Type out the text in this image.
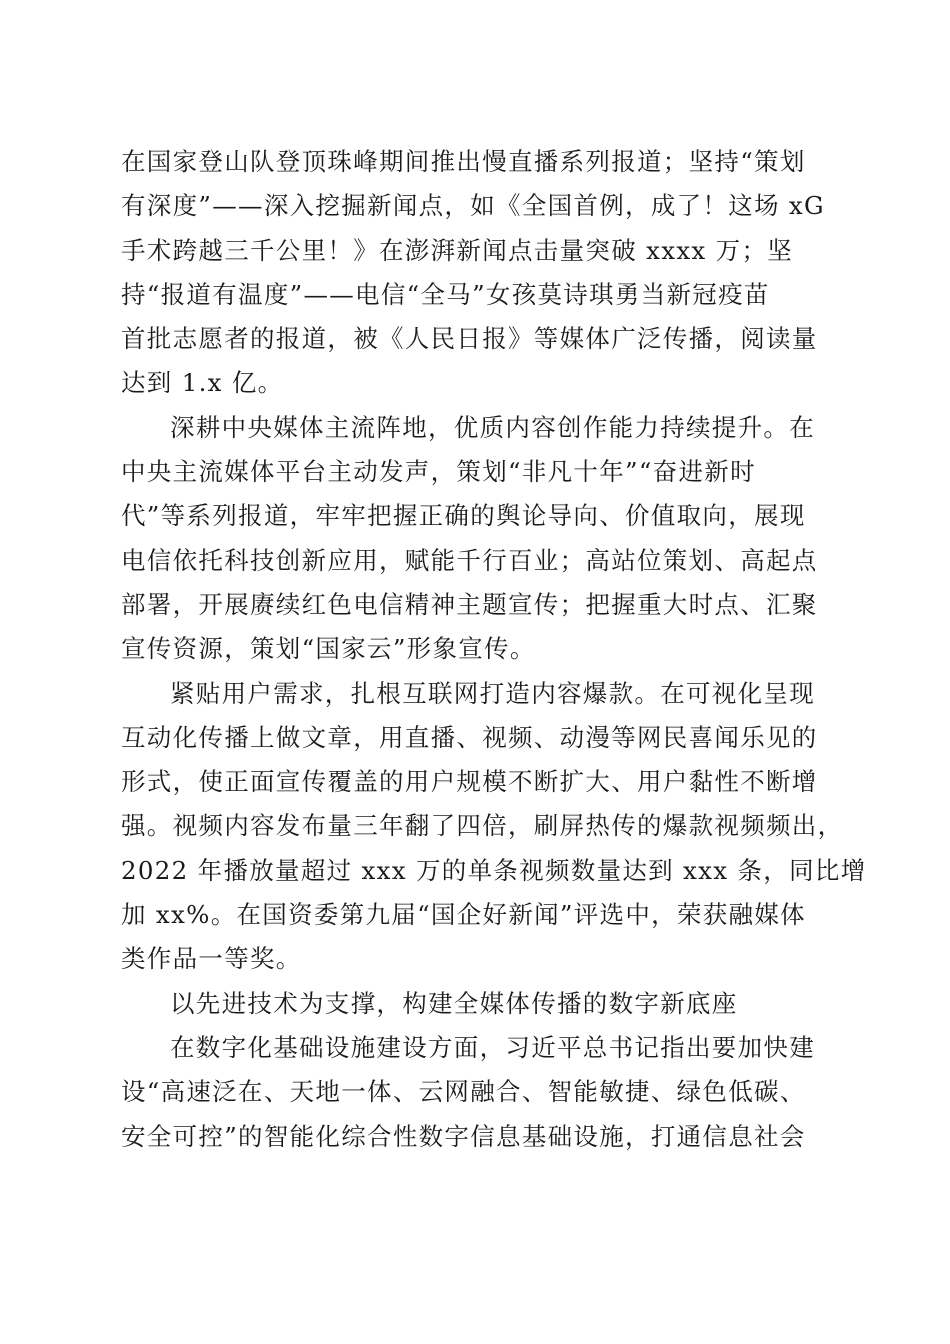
在国家登山队登顶珠峰期间推出慢直播系列报道；坚持“策划
有深度”——深入挖掘新闻点，如《全国首例，成了！这场 xG
手术跨越三千公里！》在澎湃新闻点击量突破 xxxx 万；坚
持“报道有温度”——电信“全马”女孩莫诗琪勇当新冠疫苗
首批志愿者的报道，被《人民日报》等媒体广泛传播，阅读量
达到 1.x 亿。

深耕中央媒体主流阵地，优质内容创作能力持续提升。在
中央主流媒体平台主动发声，策划“非凡十年”“奋进新时
代”等系列报道，牢牢把握正确的舆论导向、价值取向，展现
电信依托科技创新应用，赋能千行百业；高站位策划、高起点
部署，开展赓续红色电信精神主题宣传；把握重大时点、汇聚
宣传资源，策划“国家云”形象宣传。

紧贴用户需求，扎根互联网打造内容爆款。在可视化呈现
互动化传播上做文章，用直播、视频、动漫等网民喜闻乐见的
形式，使正面宣传覆盖的用户规模不断扩大、用户黏性不断增
强。视频内容发布量三年翻了四倍，刷屏热传的爆款视频频出，
2022 年播放量超过 xxx 万的单条视频数量达到 xxx 条，同比增
加 xx%。在国资委第九届“国企好新闻”评选中，荣获融媒体
类作品一等奖。

以先进技术为支撑，构建全媒体传播的数字新底座

在数字化基础设施建设方面，习近平总书记指出要加快建
设“高速泛在、天地一体、云网融合、智能敏捷、绿色低碳、
安全可控”的智能化综合性数字信息基础设施，打通信息社会
